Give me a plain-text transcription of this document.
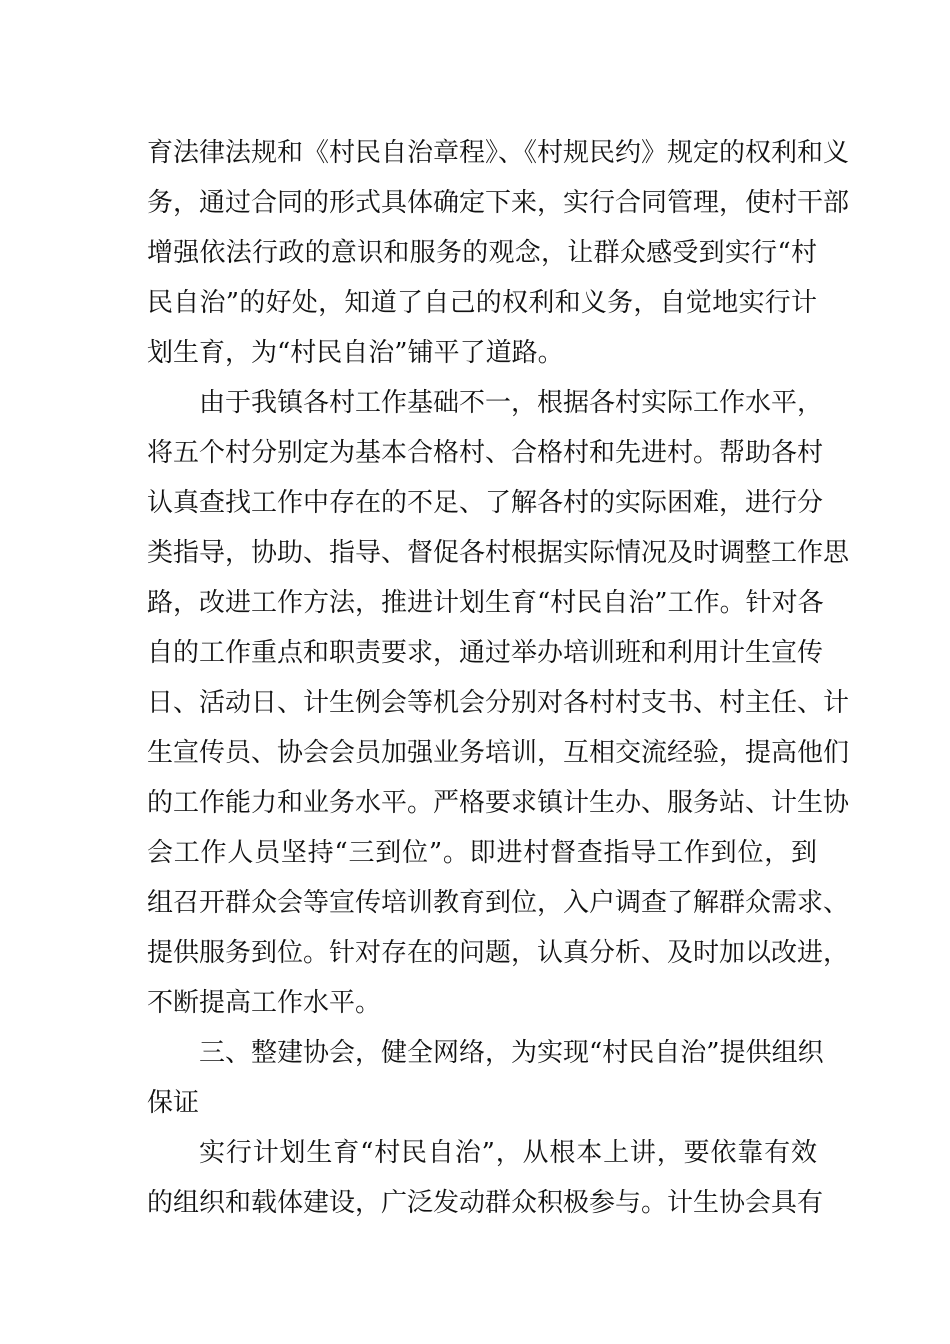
育法律法规和《村民自治章程》、《村规民约》规定的权利和义
务，通过合同的形式具体确定下来，实行合同管理，使村干部
增强依法行政的意识和服务的观念，让群众感受到实行“村
民自治”的好处，知道了自己的权利和义务，自觉地实行计
划生育，为“村民自治”铺平了道路。
由于我镇各村工作基础不一，根据各村实际工作水平，
将五个村分别定为基本合格村、合格村和先进村。帮助各村
认真查找工作中存在的不足、了解各村的实际困难，进行分
类指导，协助、指导、督促各村根据实际情况及时调整工作思
路，改进工作方法，推进计划生育“村民自治”工作。针对各
自的工作重点和职责要求，通过举办培训班和利用计生宣传
日、活动日、计生例会等机会分别对各村村支书、村主任、计
生宣传员、协会会员加强业务培训，互相交流经验，提高他们
的工作能力和业务水平。严格要求镇计生办、服务站、计生协
会工作人员坚持“三到位”。即进村督查指导工作到位，到
组召开群众会等宣传培训教育到位，入户调查了解群众需求、
提供服务到位。针对存在的问题，认真分析、及时加以改进，
不断提高工作水平。
三、整建协会，健全网络，为实现“村民自治”提供组织
保证
实行计划生育“村民自治”，从根本上讲，要依靠有效
的组织和载体建设，广泛发动群众积极参与。计生协会具有
